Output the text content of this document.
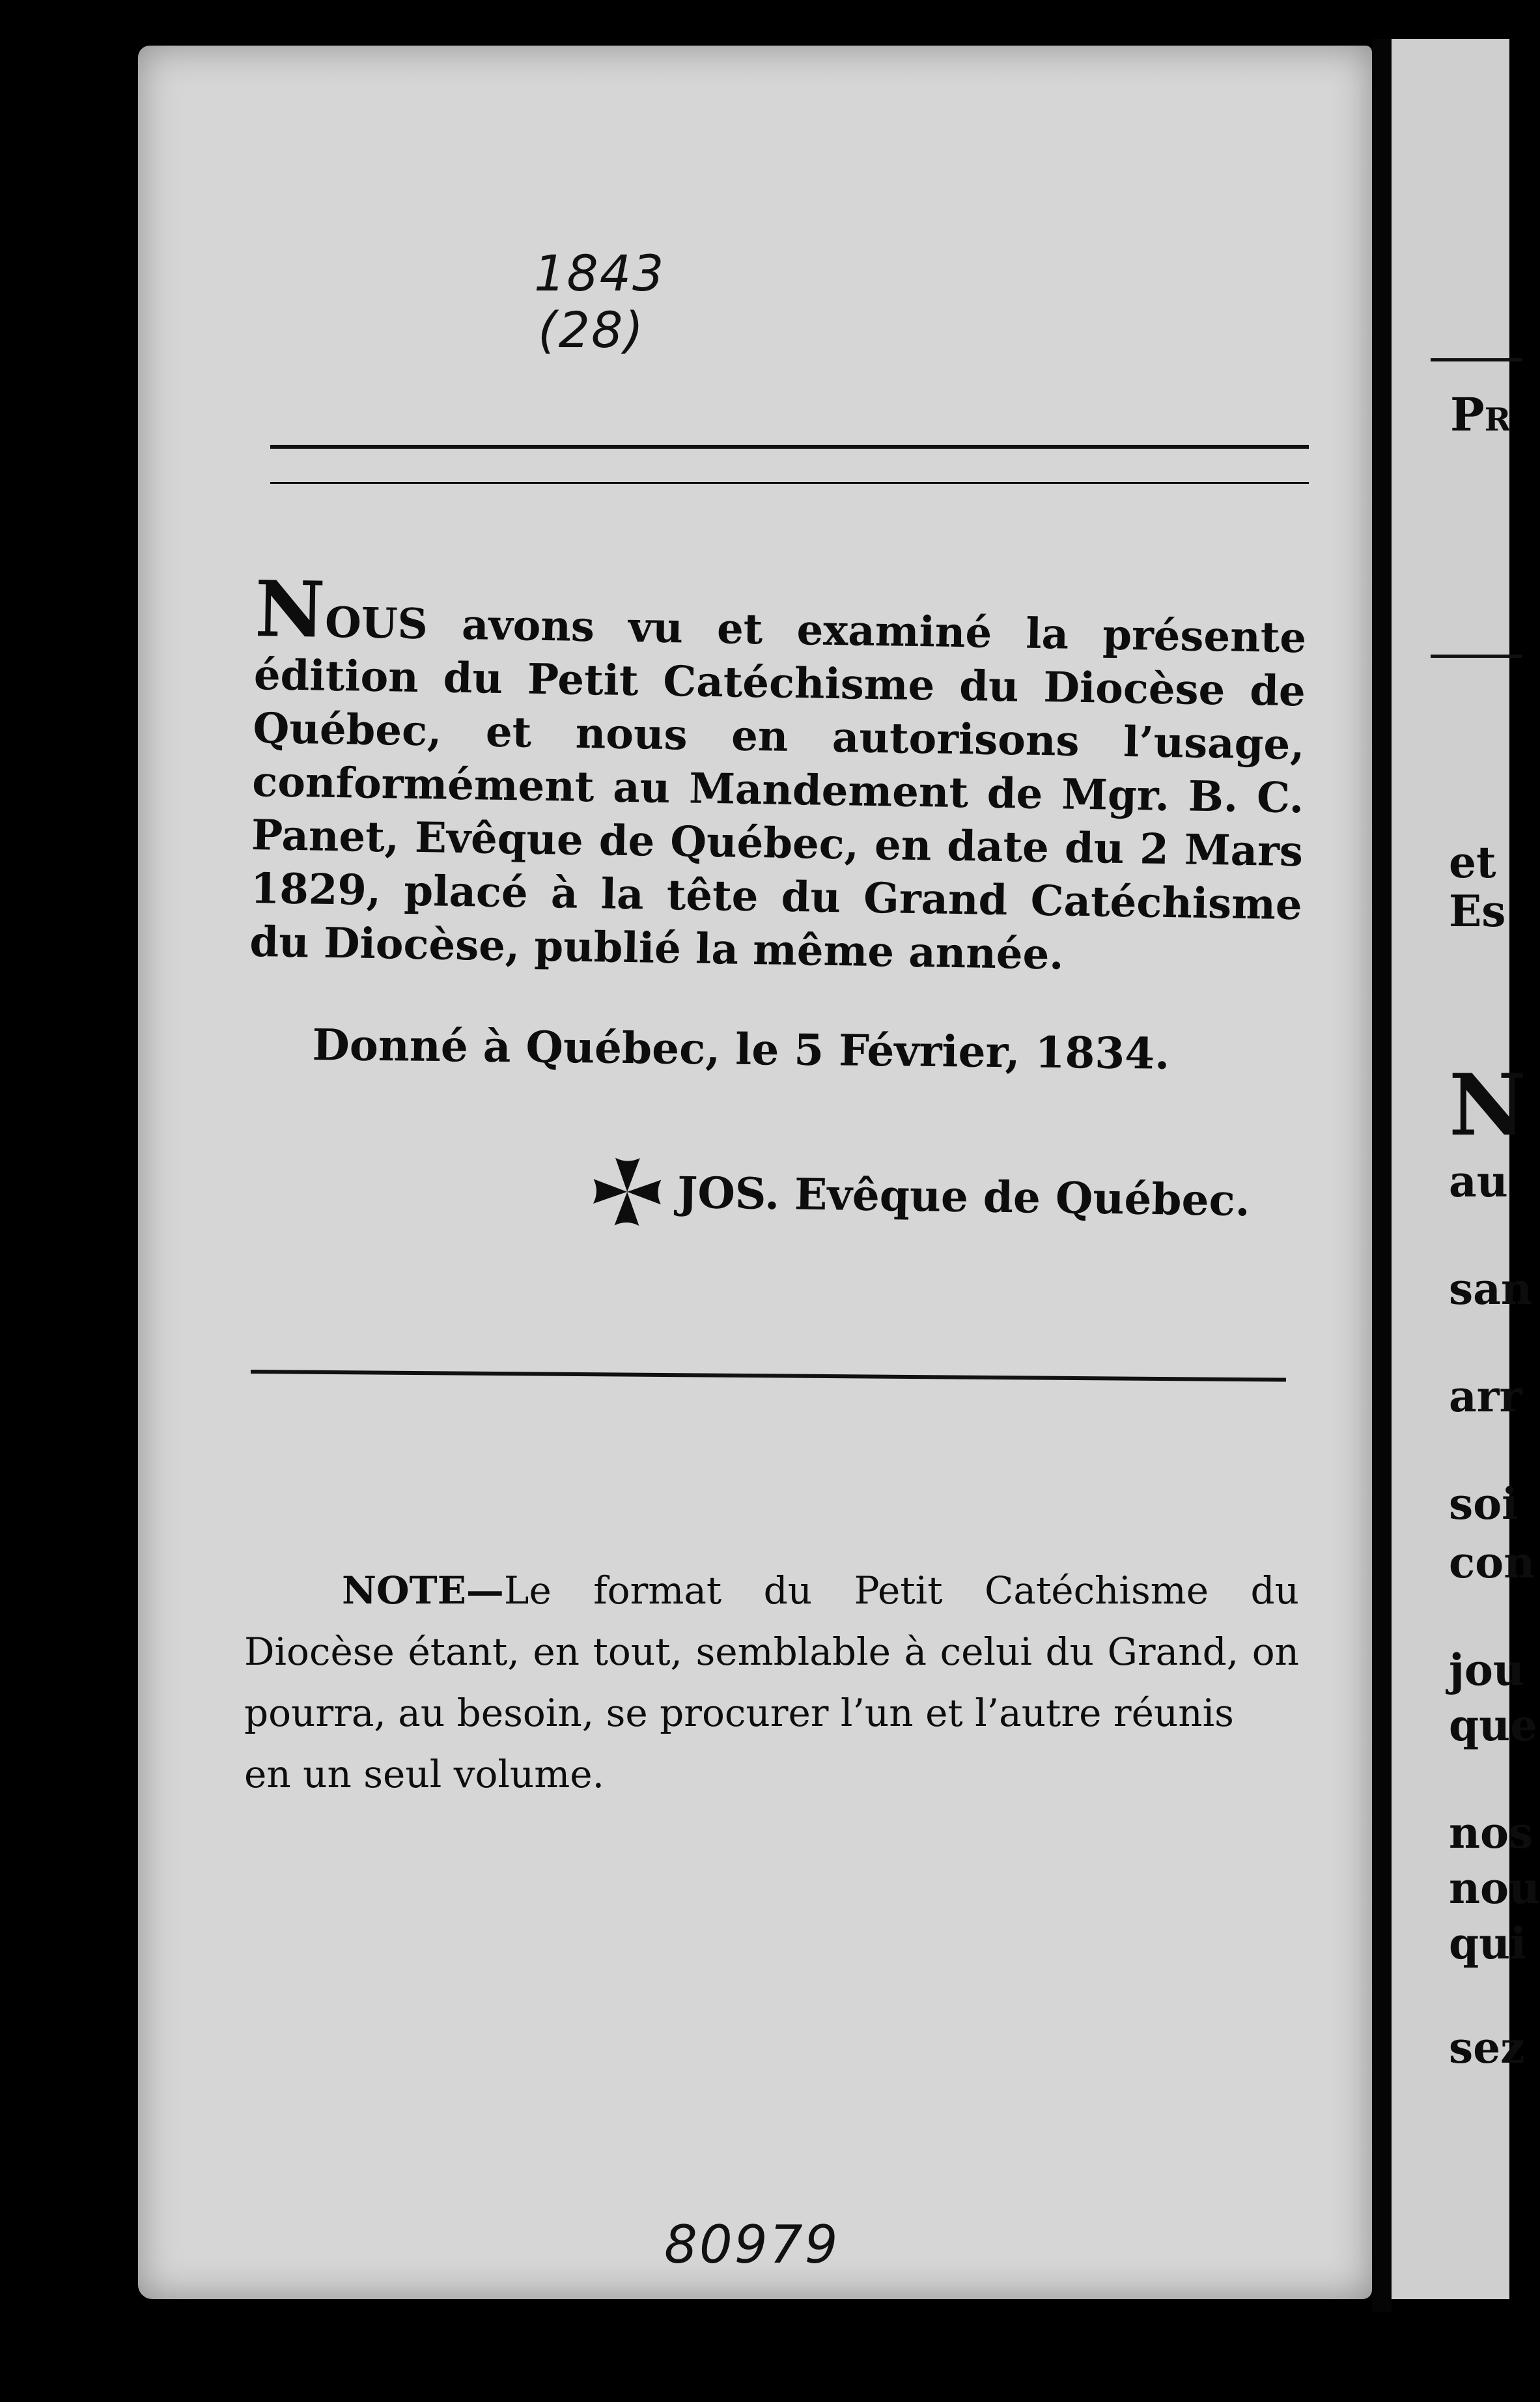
Pr
et
Es
N
au
san
arr
soi
con
jou
que
nos
nou
qui
sez
1843
(28)
NOUS avons vu et examiné la présente édition du Petit Catéchisme du Diocèse de Québec, et nous en autorisons l’usage, conformément au Mandement de Mgr. B. C. Panet, Evêque de Québec, en date du 2 Mars 1829, placé à la tête du Grand Catéchisme du Diocèse, publié la même année.
Donné à Québec, le 5 Février, 1834.
JOS. Evêque de Québec.
NOTE—Le format du Petit Catéchisme du Diocèse étant, en tout, semblable à celui du Grand, on pourra, au besoin, se procurer l’un et l’autre réunis
en un seul volume.
80979
